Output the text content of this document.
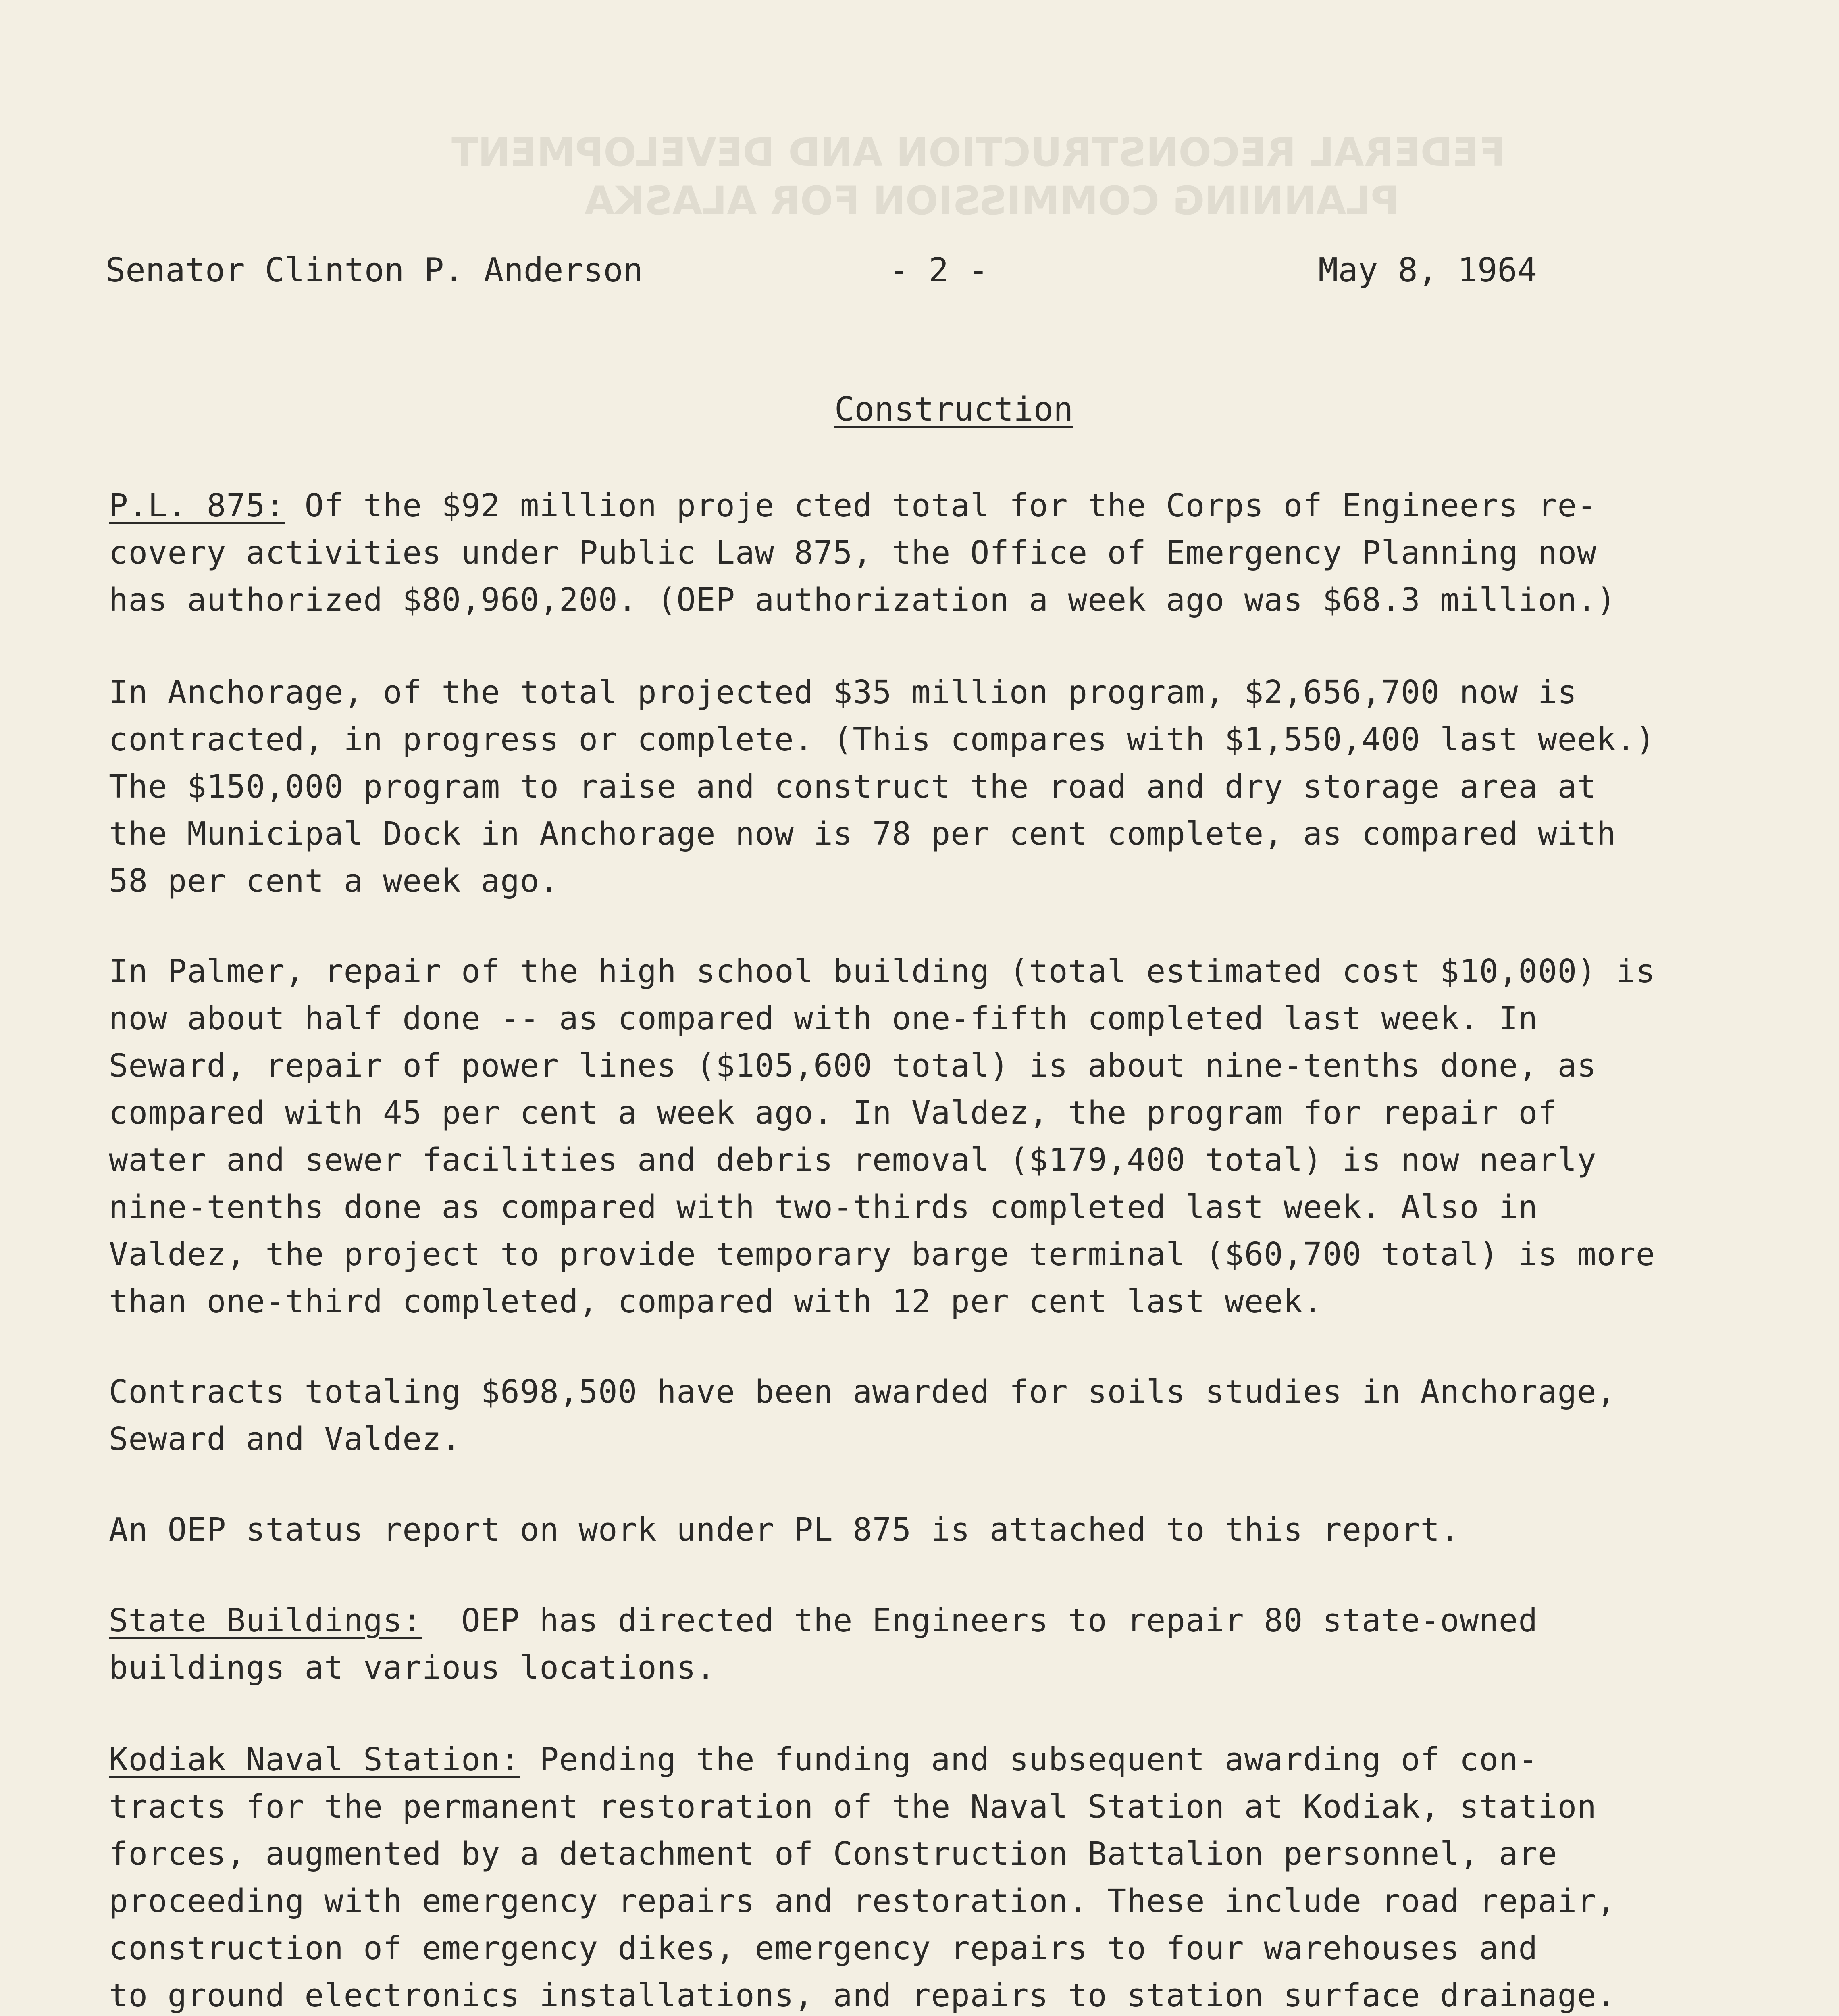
FEDERAL RECONSTRUCTION AND DEVELOPMENT
PLANNING COMMISSION FOR ALASKA
Senator Clinton P. Anderson	- 2 -	May 8, 1964
Construction
P.L. 875: Of the $92 million proje cted total for the Corps of Engineers re-
covery activities under Public Law 875, the Office of Emergency Planning now
has authorized $80,960,200. (OEP authorization a week ago was $68.3 million.)
In Anchorage, of the total projected $35 million program, $2,656,700 now is
contracted, in progress or complete. (This compares with $1,550,400 last week.)
The $150,000 program to raise and construct the road and dry storage area at
the Municipal Dock in Anchorage now is 78 per cent complete, as compared with
58 per cent a week ago.
In Palmer, repair of the high school building (total estimated cost $10,000) is
now about half done -- as compared with one-fifth completed last week. In
Seward, repair of power lines ($105,600 total) is about nine-tenths done, as
compared with 45 per cent a week ago. In Valdez, the program for repair of
water and sewer facilities and debris removal ($179,400 total) is now nearly
nine-tenths done as compared with two-thirds completed last week. Also in
Valdez, the project to provide temporary barge terminal ($60,700 total) is more
than one-third completed, compared with 12 per cent last week.
Contracts totaling $698,500 have been awarded for soils studies in Anchorage,
Seward and Valdez.
An OEP status report on work under PL 875 is attached to this report.
State Buildings:  OEP has directed the Engineers to repair 80 state-owned
buildings at various locations.
Kodiak Naval Station: Pending the funding and subsequent awarding of con-
tracts for the permanent restoration of the Naval Station at Kodiak, station
forces, augmented by a detachment of Construction Battalion personnel, are
proceeding with emergency repairs and restoration. These include road repair,
construction of emergency dikes, emergency repairs to four warehouses and
to ground electronics installations, and repairs to station surface drainage.
